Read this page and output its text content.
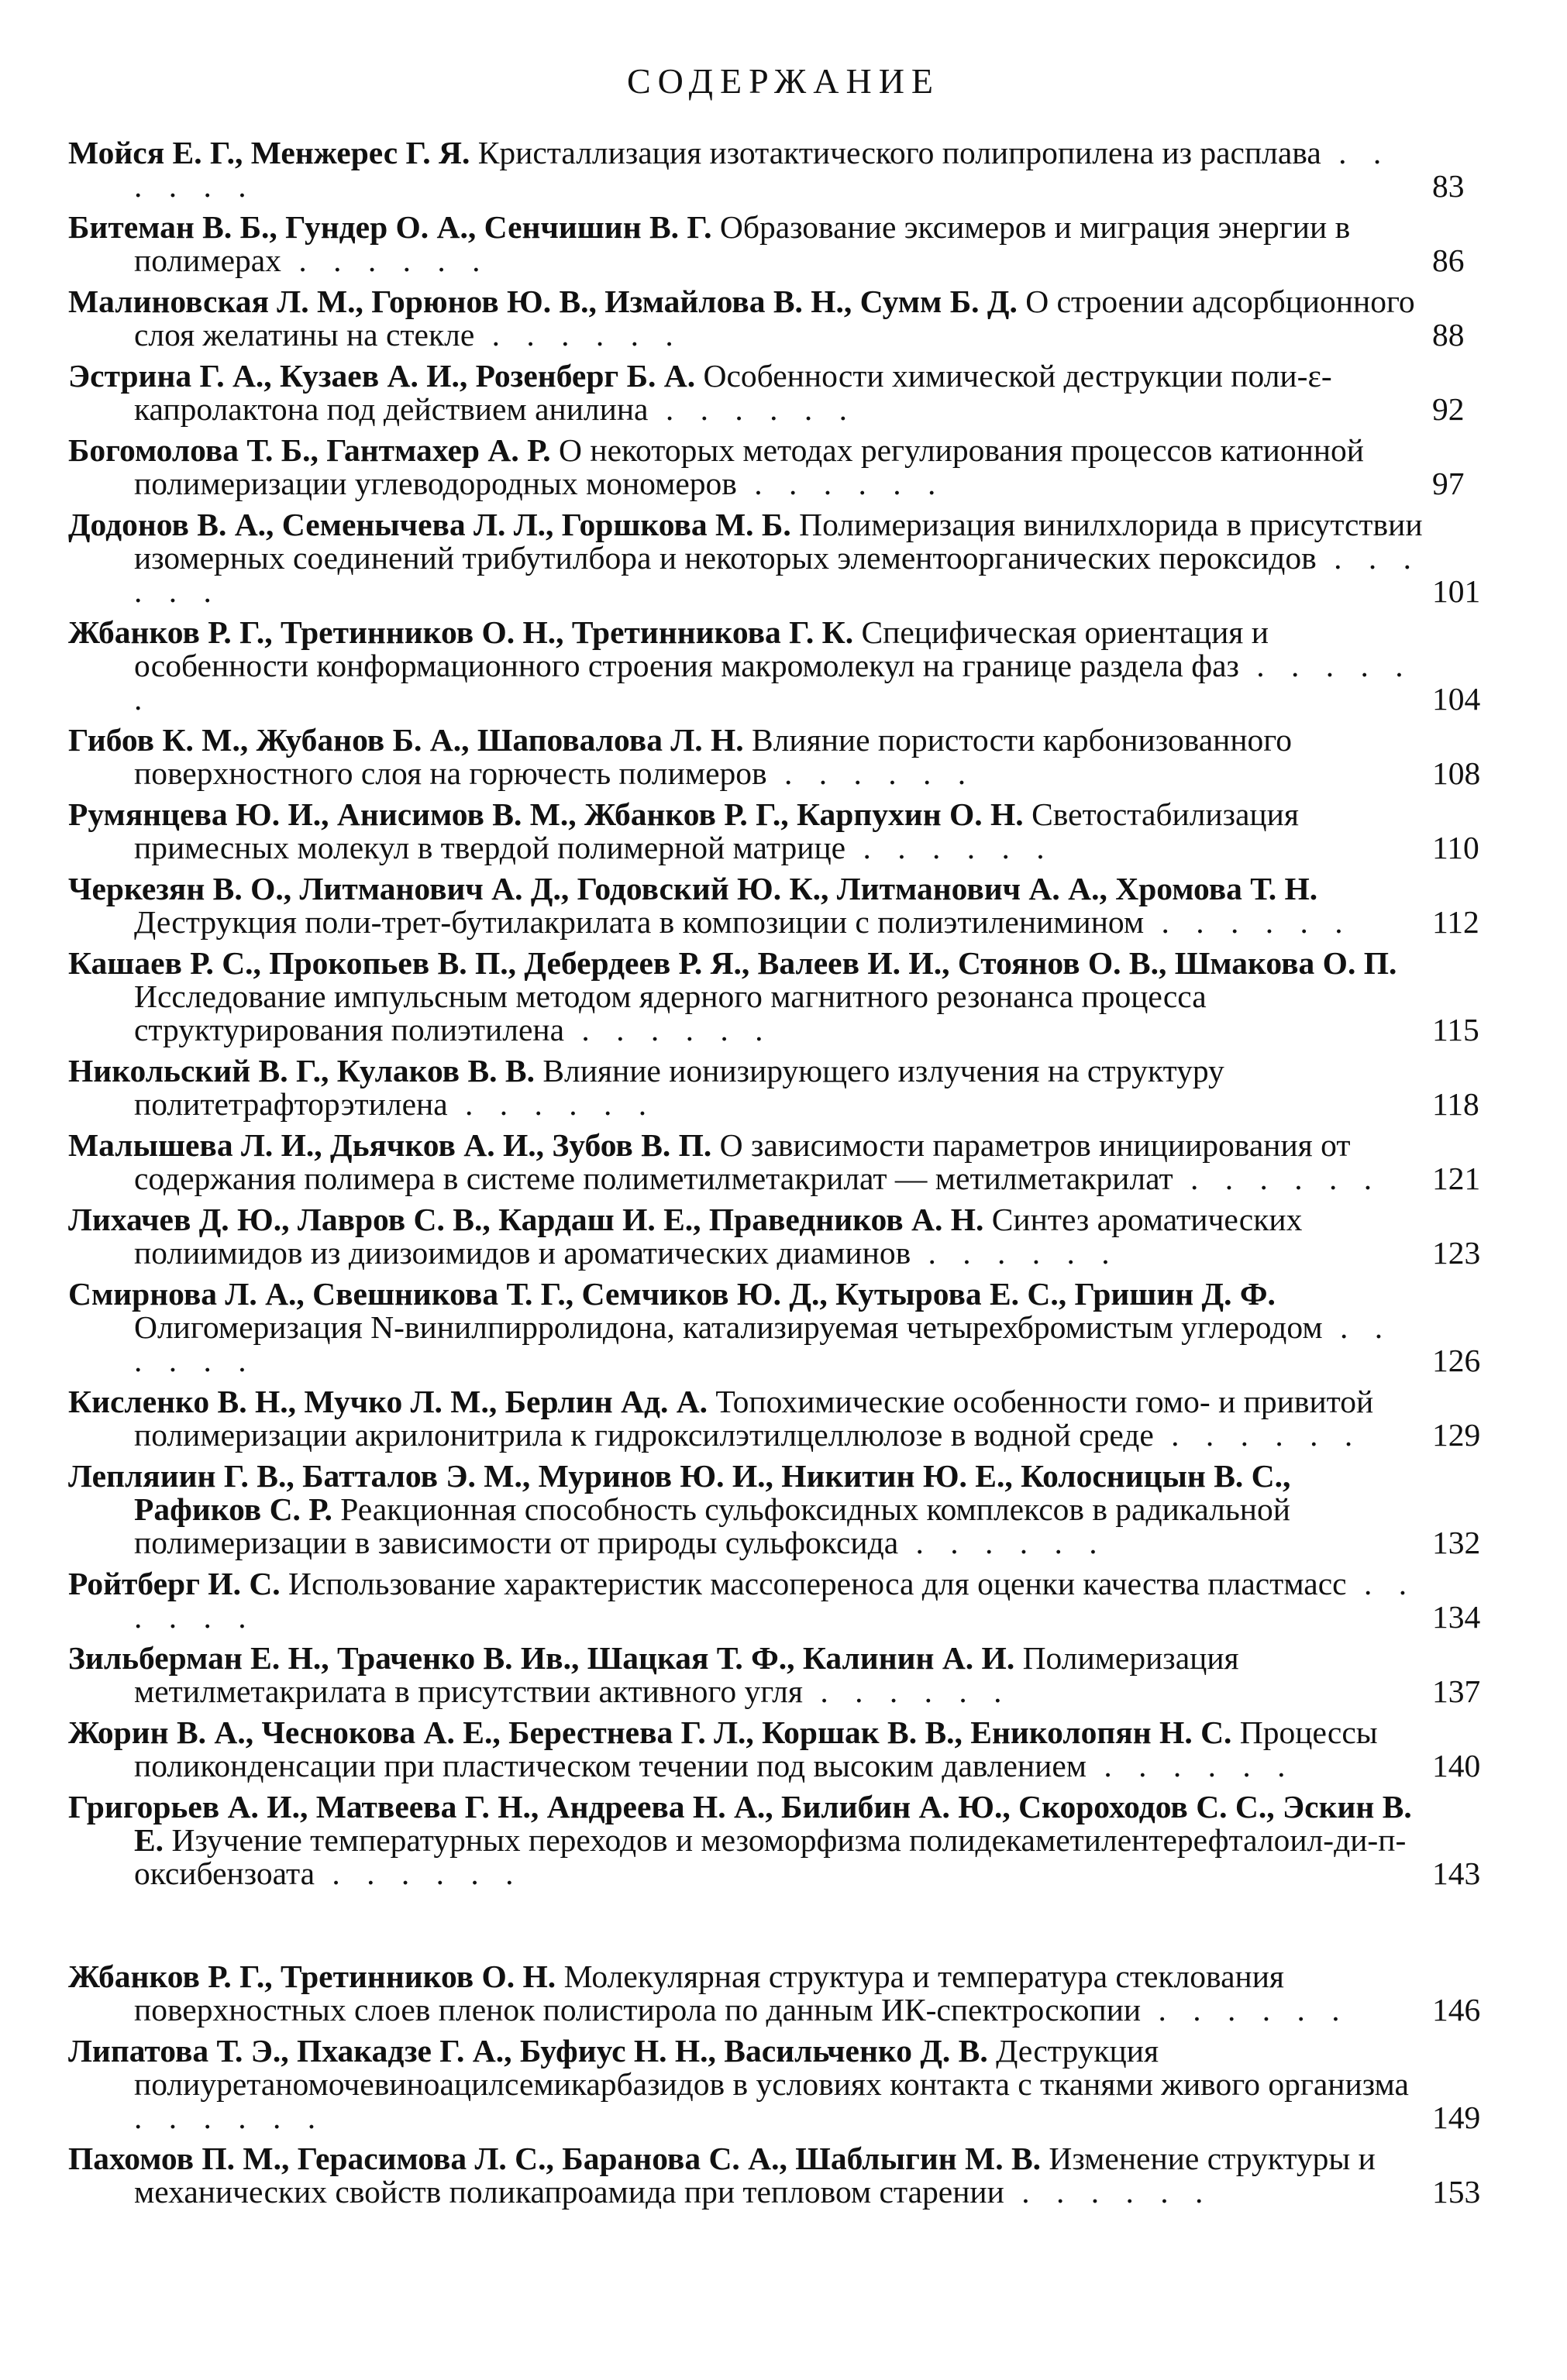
СОДЕРЖАНИЕ
Мойся Е. Г., Менжерес Г. Я. Кристаллизация изотактического полипропилена из расплава . . . . . .	83
Битеман В. Б., Гундер О. А., Сенчишин В. Г. Образование эксимеров и миграция энергии в полимерах . . . . . .	86
Малиновская Л. М., Горюнов Ю. В., Измайлова В. Н., Сумм Б. Д. О строении адсорбционного слоя желатины на стекле . . . . . .	88
Эстрина Г. А., Кузаев А. И., Розенберг Б. А. Особенности химической деструкции поли-ε-капролактона под действием анилина . . . . . .	92
Богомолова Т. Б., Гантмахер А. Р. О некоторых методах регулирования процессов катионной полимеризации углеводородных мономеров . . . . . .	97
Додонов В. А., Семенычева Л. Л., Горшкова М. Б. Полимеризация винилхлорида в присутствии изомерных соединений трибутилбора и некоторых элементоорганических пероксидов . . . . . .	101
Жбанков Р. Г., Третинников О. Н., Третинникова Г. К. Специфическая ориентация и особенности конформационного строения макромолекул на границе раздела фаз . . . . . .	104
Гибов К. М., Жубанов Б. А., Шаповалова Л. Н. Влияние пористости карбонизованного поверхностного слоя на горючесть полимеров . . . . . .	108
Румянцева Ю. И., Анисимов В. М., Жбанков Р. Г., Карпухин О. Н. Светостабилизация примесных молекул в твердой полимерной матрице . . . . . .	110
Черкезян В. О., Литманович А. Д., Годовский Ю. К., Литманович А. А., Хромова Т. Н. Деструкция поли-трет-бутилакрилата в композиции с полиэтиленимином . . . . . . 112
Кашаев Р. С., Прокопьев В. П., Дебердеев Р. Я., Валеев И. И., Стоянов О. В., Шмакова О. П. Исследование импульсным методом ядерного магнитного резонанса процесса структурирования полиэтилена . . . . . .	115
Никольский В. Г., Кулаков В. В. Влияние ионизирующего излучения на структуру политетрафторэтилена . . . . . .	118
Малышева Л. И., Дьячков А. И., Зубов В. П. О зависимости параметров инициирования от содержания полимера в системе полиметилметакрилат — метилметакрилат . . . . . . 121
Лихачев Д. Ю., Лавров С. В., Кардаш И. Е., Праведников А. Н. Синтез ароматических полиимидов из диизоимидов и ароматических диаминов . . . . . .	123
Смирнова Л. А., Свешникова Т. Г., Семчиков Ю. Д., Кутырова Е. С., Гришин Д. Ф. Олигомеризация N-винилпирролидона, катализируемая четырехбромистым углеродом . . . . . .	126
Кисленко В. Н., Мучко Л. М., Берлин Ад. А. Топохимические особенности гомо- и привитой полимеризации акрилонитрила к гидроксилэтилцеллюлозе в водной среде . . . . . . 129
Лепляиин Г. В., Батталов Э. М., Муринов Ю. И., Никитин Ю. Е., Колосницын В. С., Рафиков С. Р. Реакционная способность сульфоксидных комплексов в радикальной полимеризации в зависимости от природы сульфоксида . . . . . .	132
Ройтберг И. С. Использование характеристик массопереноса для оценки качества пластмасс . . . . . .	134
Зильберман Е. Н., Траченко В. Ив., Шацкая Т. Ф., Калинин А. И. Полимеризация метилметакрилата в присутствии активного угля . . . . . .	137
Жорин В. А., Чеснокова А. Е., Берестнева Г. Л., Коршак В. В., Ениколопян Н. С. Процессы поликонденсации при пластическом течении под высоким давлением . . . . . .	140
Григорьев А. И., Матвеева Г. Н., Андреева Н. А., Билибин А. Ю., Скороходов С. С., Эскин В. Е. Изучение температурных переходов и мезоморфизма полидекаметилентерефталоил-ди-п-оксибензоата . . . . . .	143
Жбанков Р. Г., Третинников О. Н. Молекулярная структура и температура стеклования поверхностных слоев пленок полистирола по данным ИК-спектроскопии . . . . . .	146
Липатова Т. Э., Пхакадзе Г. А., Буфиус Н. Н., Васильченко Д. В. Деструкция полиуретаномочевиноацилсемикарбазидов в условиях контакта с тканями живого организма . . . . . .	149
Пахомов П. М., Герасимова Л. С., Баранова С. А., Шаблыгин М. В. Изменение структуры и механических свойств поликапроамида при тепловом старении . . . . . .	153
